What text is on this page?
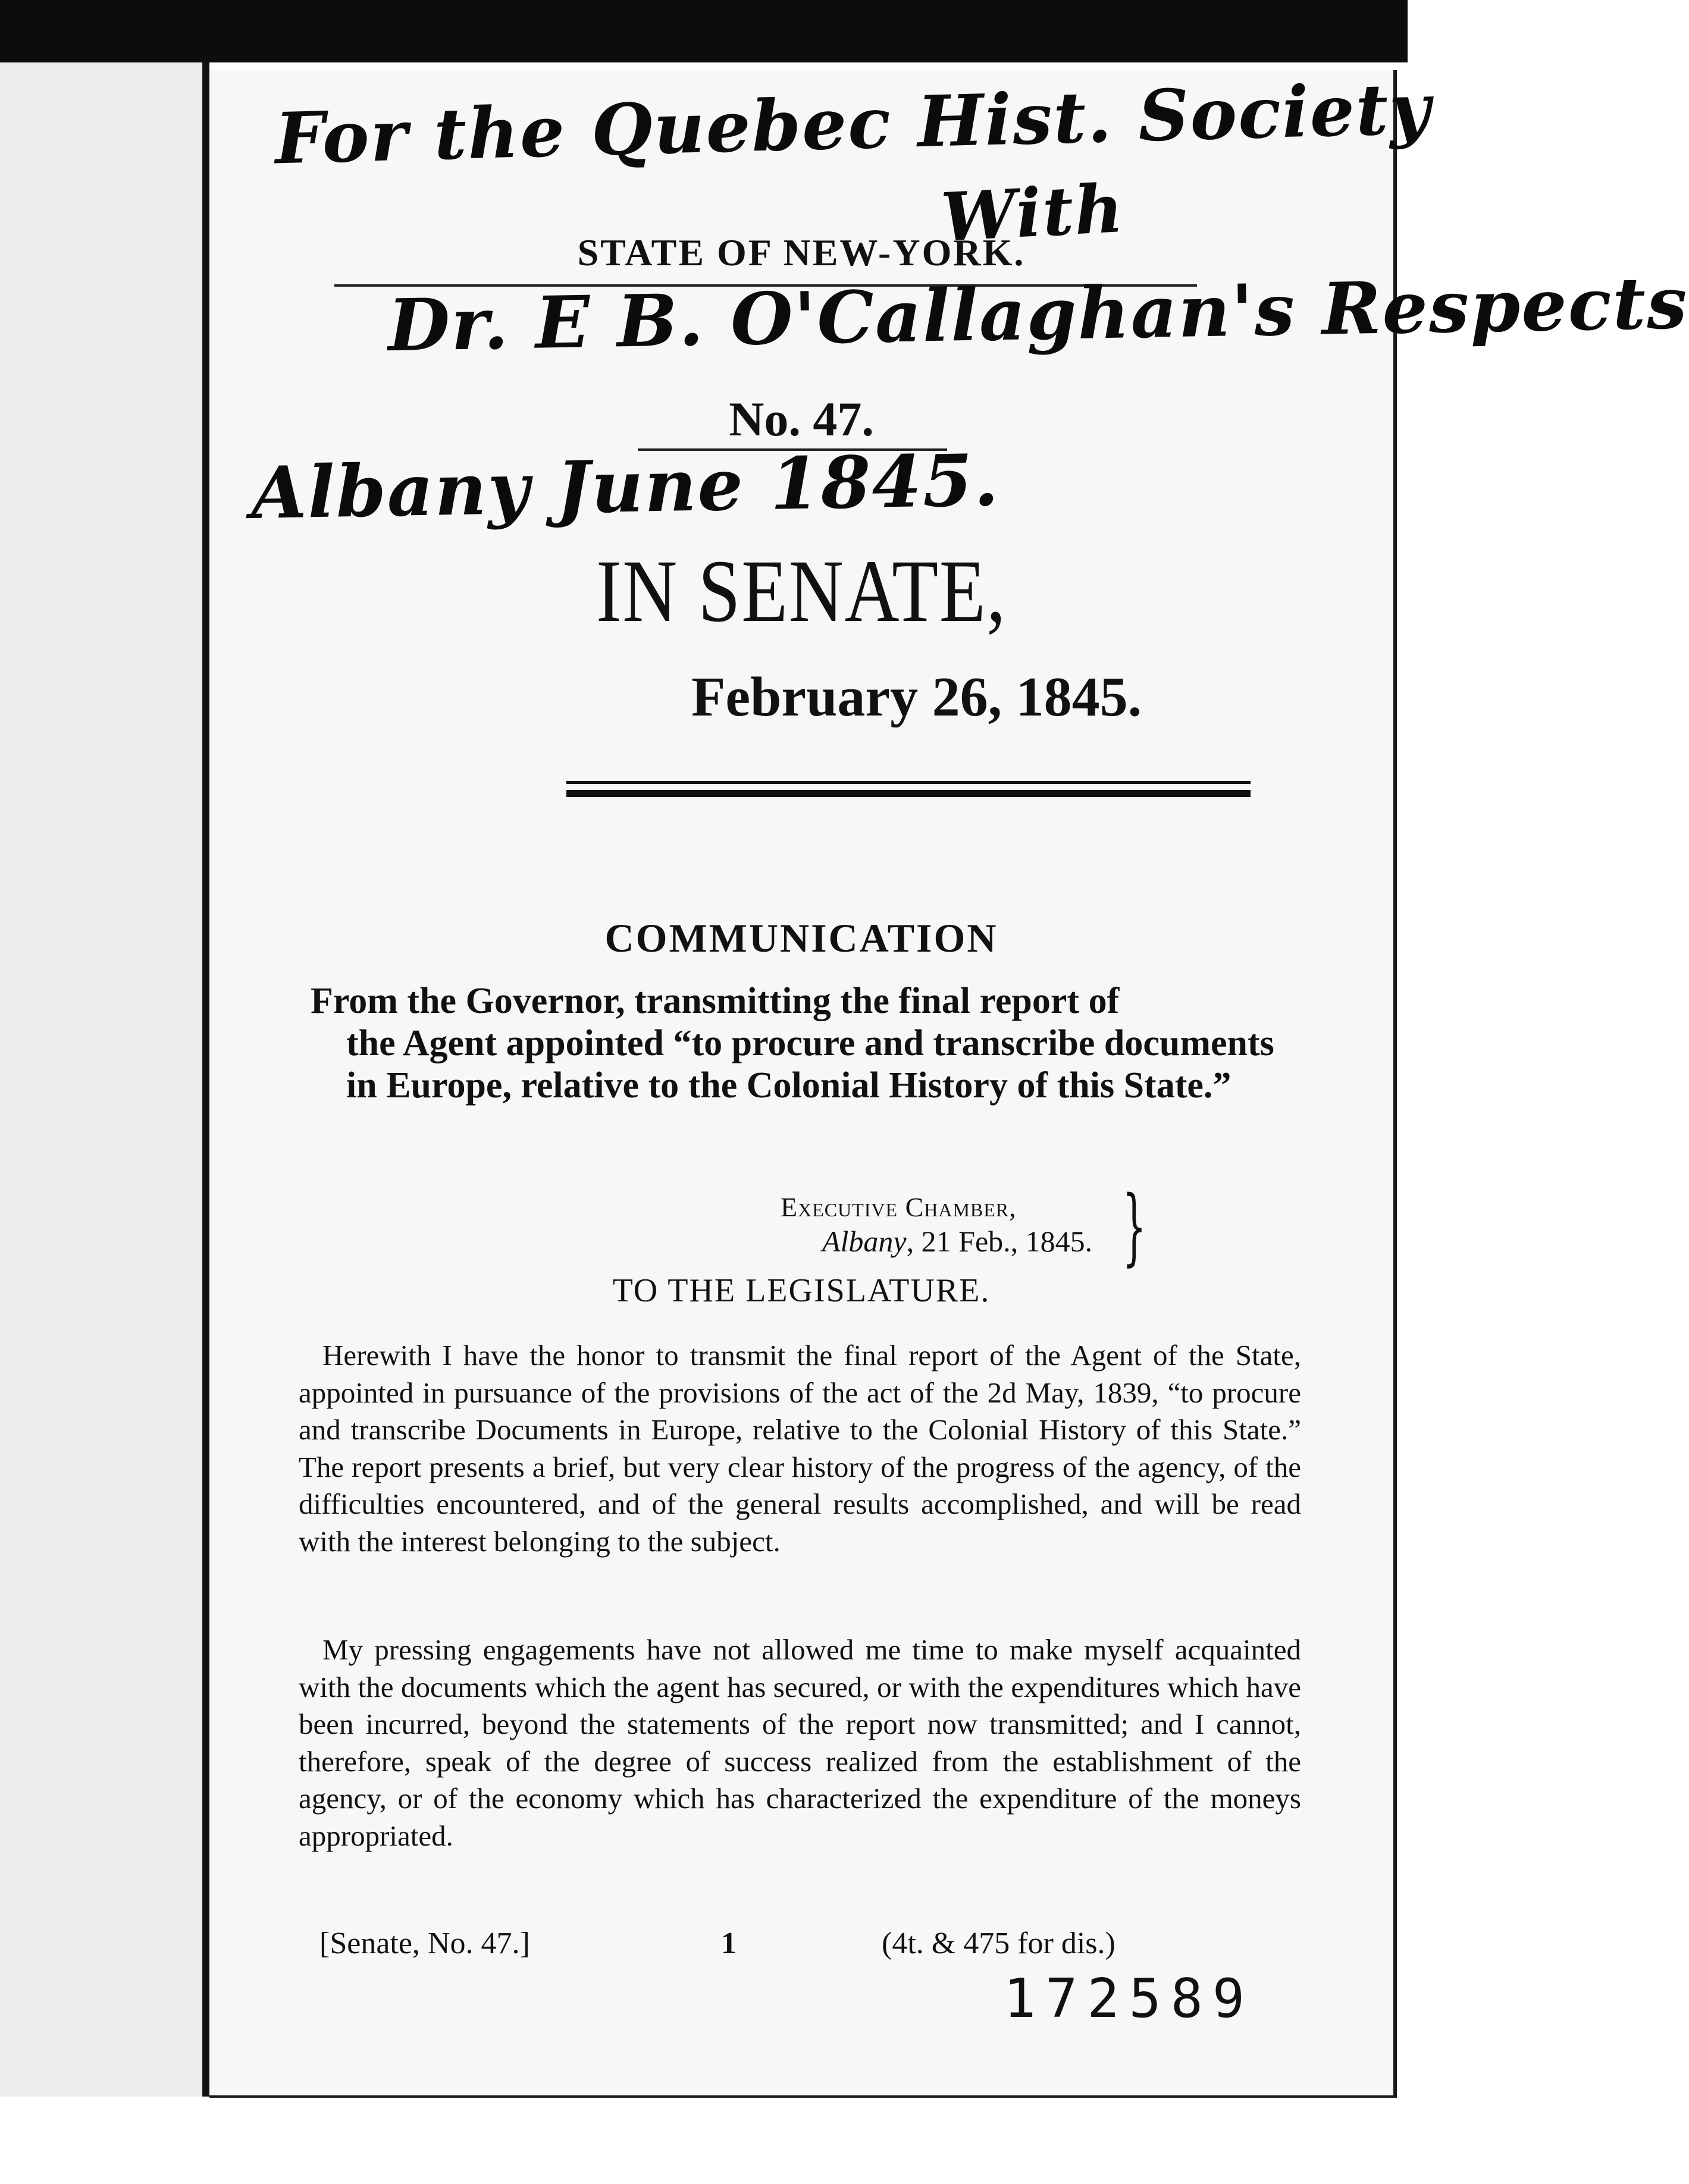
For the Quebec Hist. Society
With
STATE OF NEW-YORK.
Dr. E B. O'Callaghan's Respects
No. 47.
Albany June 1845.
IN SENATE,
February 26, 1845.
COMMUNICATION
From the Governor, transmitting the final report of
the Agent appointed “to procure and transcribe documents in Europe, relative to the Colonial History of this State.”
Executive Chamber,
Albany, 21 Feb., 1845. }
TO THE LEGISLATURE.
Herewith I have the honor to transmit the final report of the Agent of the State, appointed in pursuance of the provisions of the act of the 2d May, 1839, “to procure and transcribe Documents in Europe, relative to the Colonial History of this State.” The report presents a brief, but very clear history of the progress of the agency, of the difficulties encountered, and of the general results accomplished, and will be read with the interest belonging to the subject.
My pressing engagements have not allowed me time to make myself acquainted with the documents which the agent has secured, or with the expenditures which have been incurred, beyond the statements of the report now transmitted; and I cannot, therefore, speak of the degree of success realized from the establishment of the agency, or of the economy which has characterized the expenditure of the moneys appropriated.
[Senate, No. 47.]	1	(4t. & 475 for dis.)
172589
